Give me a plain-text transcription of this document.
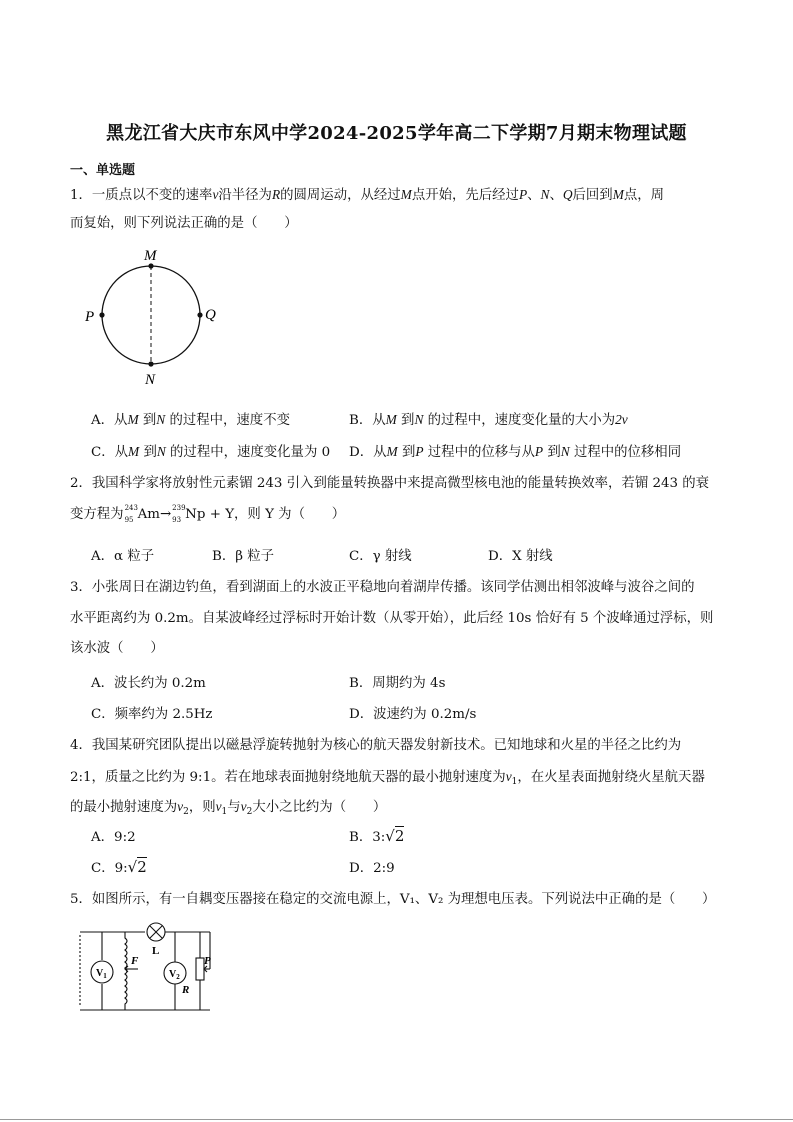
黑龙江省大庆市东风中学2024-2025学年高二下学期7月期末物理试题
一、单选题
1．一质点以不变的速率v沿半径为R的圆周运动，从经过M点开始，先后经过P、N、Q后回到M点，周
而复始，则下列说法正确的是（　　）
M
N
P	Q
A．从M 到N 的过程中，速度不变	B．从M 到N 的过程中，速度变化量的大小为2v
C．从M 到N 的过程中，速度变化量为 0 D．从M 到P 过程中的位移与从P 到N 过程中的位移相同
2．我国科学家将放射性元素镅 243 引入到能量转换器中来提高微型核电池的能量转换效率，若镅 243 的衰
变方程为 243
95 Am→ 239
93 Np + Y，则 Y 为（　　）
A．α 粒子	B．β 粒子	C．γ 射线	D．X 射线
3．小张周日在湖边钓鱼，看到湖面上的水波正平稳地向着湖岸传播。该同学估测出相邻波峰与波谷之间的
水平距离约为 0.2m。自某波峰经过浮标时开始计数（从零开始），此后经 10s 恰好有 5 个波峰通过浮标，则
该水波（　　）
A．波长约为 0.2m	B．周期约为 4s
C．频率约为 2.5Hz	D．波速约为 0.2m/s
4．我国某研究团队提出以磁悬浮旋转抛射为核心的航天器发射新技术。已知地球和火星的半径之比约为
2:1，质量之比约为 9:1。若在地球表面抛射绕地航天器的最小抛射速度为$v_1$，在火星表面抛射绕火星航天器
的最小抛射速度为$v_2$，则$v_1$与$v_2$大小之比约为（　　）
A．9:2	B．3:√2
C．9:√2	D．2:9
5．如图所示，有一自耦变压器接在稳定的交流电源上，V₁、V₂ 为理想电压表。下列说法中正确的是（　　）
$V_1$	$V_2$
F
L
P
R
